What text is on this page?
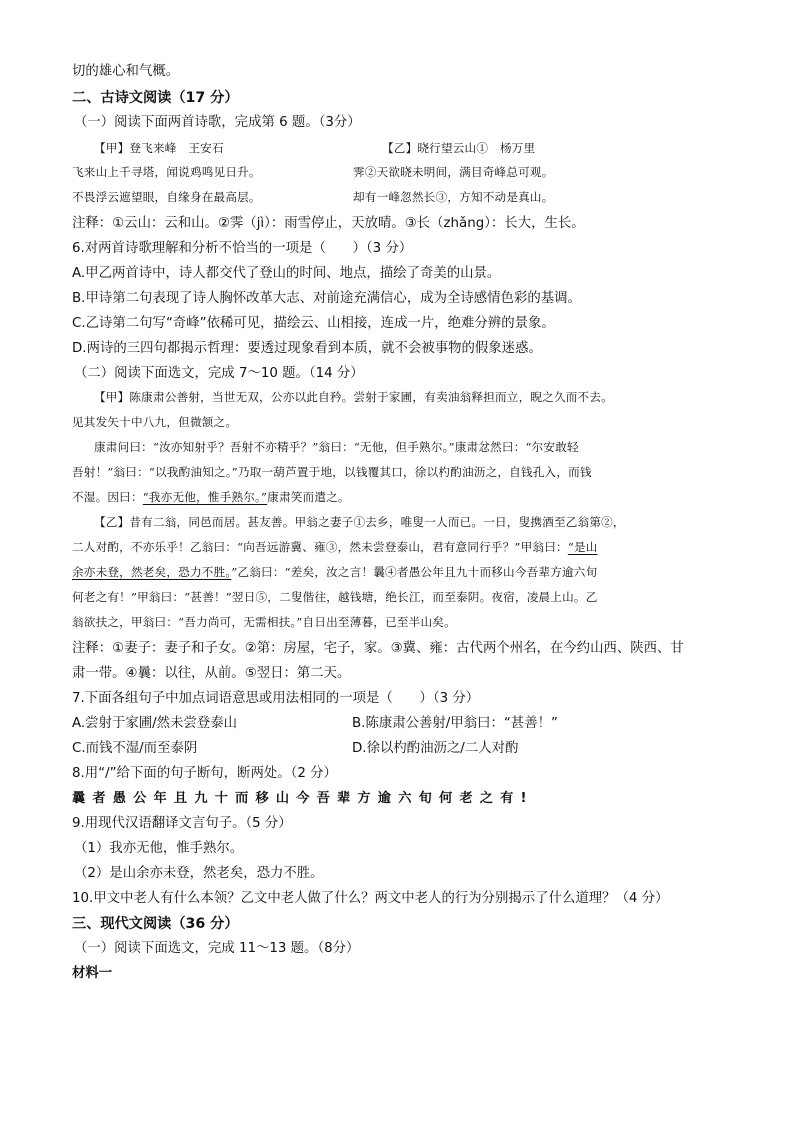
切的雄心和气概。
二、古诗文阅读（17 分）
（一）阅读下面两首诗歌，完成第 6 题。（3分）
【甲】登飞来峰　王安石	【乙】晓行望云山①　杨万里
飞来山上千寻塔，闻说鸡鸣见日升。	霁②天欲晓未明间，满目奇峰总可观。
不畏浮云遮望眼，自缘身在最高层。	却有一峰忽然长③，方知不动是真山。
注释：①云山：云和山。②霁（jì）：雨雪停止，天放晴。③长（zhǎng）：长大，生长。
6.对两首诗歌理解和分析不恰当的一项是（　　）（3 分）
A.甲乙两首诗中，诗人都交代了登山的时间、地点，描绘了奇美的山景。
B.甲诗第二句表现了诗人胸怀改革大志、对前途充满信心，成为全诗感情色彩的基调。
C.乙诗第二句写“奇峰”依稀可见，描绘云、山相接，连成一片，绝难分辨的景象。
D.两诗的三四句都揭示哲理：要透过现象看到本质，就不会被事物的假象迷惑。
（二）阅读下面选文，完成 7～10 题。（14 分）
【甲】陈康肃公善射，当世无双，公亦以此自矜。尝射于家圃，有卖油翁释担而立，睨之久而不去。
见其发矢十中八九，但微颔之。
康肃问曰：“汝亦知射乎？吾射不亦精乎？”翁曰：“无他，但手熟尔。”康肃忿然曰：“尔安敢轻
吾射！”翁曰：“以我酌油知之。”乃取一葫芦置于地，以钱覆其口，徐以杓酌油沥之，自钱孔入，而钱
不湿。因曰：“我亦无他，惟手熟尔。”康肃笑而遣之。
【乙】昔有二翁，同邑而居。甚友善。甲翁之妻子①去乡，唯叟一人而已。一日，叟携酒至乙翁第②，
二人对酌，不亦乐乎！乙翁曰：“向吾远游冀、雍③，然未尝登泰山，君有意同行乎？”甲翁曰：“是山
余亦未登，然老矣，恐力不胜。”乙翁曰：“差矣，汝之言！曩④者愚公年且九十而移山今吾辈方逾六旬
何老之有！”甲翁曰：“甚善！”翌日⑤，二叟偕往，越钱塘，绝长江，而至泰阴。夜宿，凌晨上山。乙
翁欲扶之，甲翁曰：“吾力尚可，无需相扶。”自日出至薄暮，已至半山矣。
注释：①妻子：妻子和子女。②第：房屋，宅子，家。③冀、雍：古代两个州名，在今约山西、陕西、甘
肃一带。④曩：以往，从前。⑤翌日：第二天。
7.下面各组句子中加点词语意思或用法相同的一项是（　　）（3 分）
A.尝射于家圃/然未尝登泰山	B.陈康肃公善射/甲翁曰：“甚善！”
C.而钱不湿/而至泰阴	D.徐以杓酌油沥之/二人对酌
8.用“/”给下面的句子断句，断两处。（2 分）
曩者愚公年且九十而移山今吾辈方逾六旬何老之有!
9.用现代汉语翻译文言句子。（5 分）
（1）我亦无他，惟手熟尔。
（2）是山余亦未登，然老矣，恐力不胜。
10.甲文中老人有什么本领？乙文中老人做了什么？两文中老人的行为分别揭示了什么道理？（4 分）
三、现代文阅读（36 分）
（一）阅读下面选文，完成 11～13 题。（8分）
材料一
